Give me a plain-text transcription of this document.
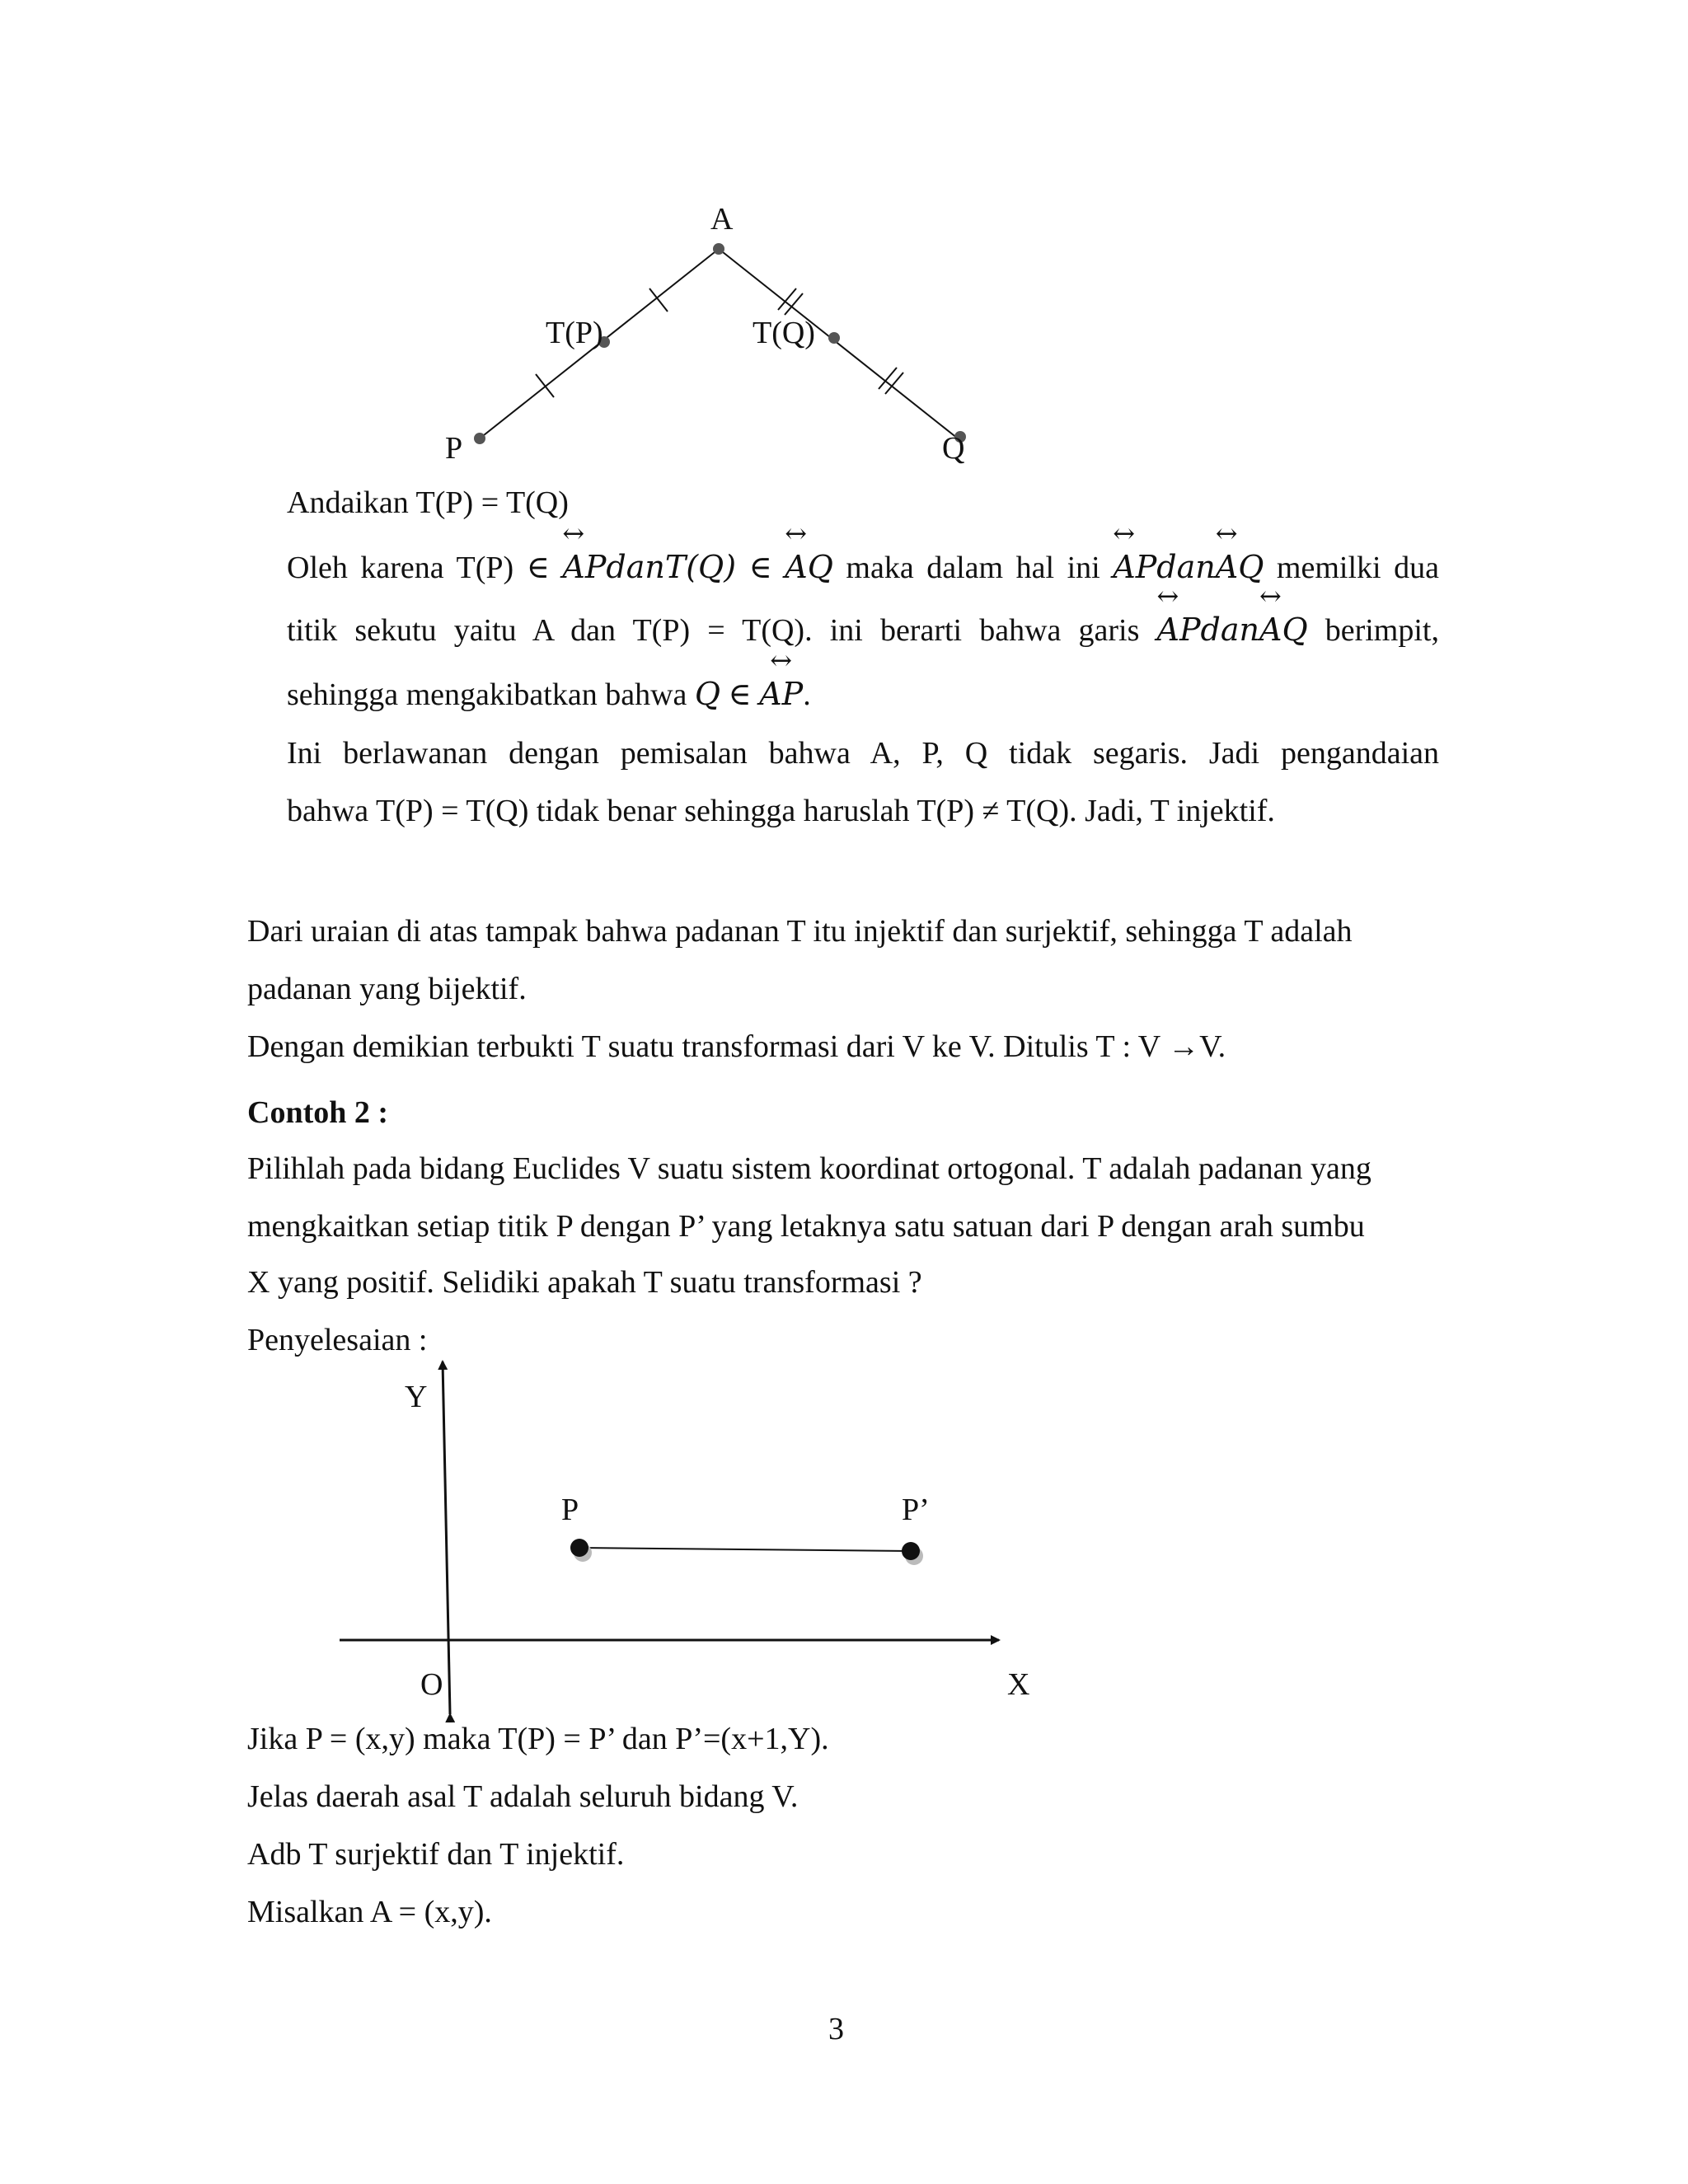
A
T(P)	T(Q)
P	Q
Andaikan T(P) = T(Q)
Oleh karena T(P) ∈ ↔ APdanT(Q) ∈ ↔ AQ maka dalam hal ini ↔ APdan↔ AQ memilki dua
titik sekutu yaitu A dan T(P) = T(Q). ini berarti bahwa garis ↔ APdan↔ AQ berimpit,
sehingga mengakibatkan bahwa Q ∈ ↔ AP.
Ini berlawanan dengan pemisalan bahwa A, P, Q tidak segaris. Jadi pengandaian
bahwa T(P) = T(Q) tidak benar sehingga haruslah T(P) ≠ T(Q). Jadi, T injektif.
Dari uraian di atas tampak bahwa padanan T itu injektif dan surjektif, sehingga T adalah
padanan yang bijektif.
Dengan demikian terbukti T suatu transformasi dari V ke V. Ditulis T : V →V.
Contoh 2 :
Pilihlah pada bidang Euclides V suatu sistem koordinat ortogonal. T adalah padanan yang
mengkaitkan setiap titik P dengan P’ yang letaknya satu satuan dari P dengan arah sumbu
X yang positif. Selidiki apakah T suatu transformasi ?
Penyelesaian :
Y
X
O
P	P’
Jika P = (x,y) maka T(P) = P’ dan P’=(x+1,Y).
Jelas daerah asal T adalah seluruh bidang V.
Adb T surjektif dan T injektif.
Misalkan A = (x,y).
3
